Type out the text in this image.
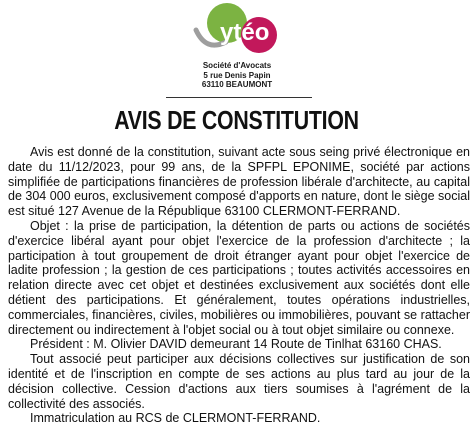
ytéo
Société d'Avocats
5 rue Denis Papin
63110 BEAUMONT
AVIS DE CONSTITUTION

Avis est donné de la constitution, suivant acte sous seing privé électronique en date du 11/12/2023, pour 99 ans, de la SPFPL EPONIME, société par actions simplifiée de participations financières de profession libérale d'architecte, au capital de 304 000 euros, exclusivement composé d'apports en nature, dont le siège social est situé 127 Avenue de la République 63100 CLERMONT-FERRAND.

Objet : la prise de participation, la détention de parts ou actions de sociétés d'exercice libéral ayant pour objet l'exercice de la profession d'architecte ; la participation à tout groupement de droit étranger ayant pour objet l'exercice de ladite profession ; la gestion de ces participations ; toutes activités accessoires en relation directe avec cet objet et destinées exclusivement aux sociétés dont elle détient des participations. Et généralement, toutes opérations industrielles, commerciales, financières, civiles, mobilières ou immobilières, pouvant se rattacher directement ou indirectement à l'objet social ou à tout objet similaire ou connexe.

Président : M. Olivier DAVID demeurant 14 Route de Tinlhat 63160 CHAS.

Tout associé peut participer aux décisions collectives sur justification de son identité et de l'inscription en compte de ses actions au plus tard au jour de la décision collective. Cession d'actions aux tiers soumises à l'agrément de la collectivité des associés.

Immatriculation au RCS de CLERMONT-FERRAND.
